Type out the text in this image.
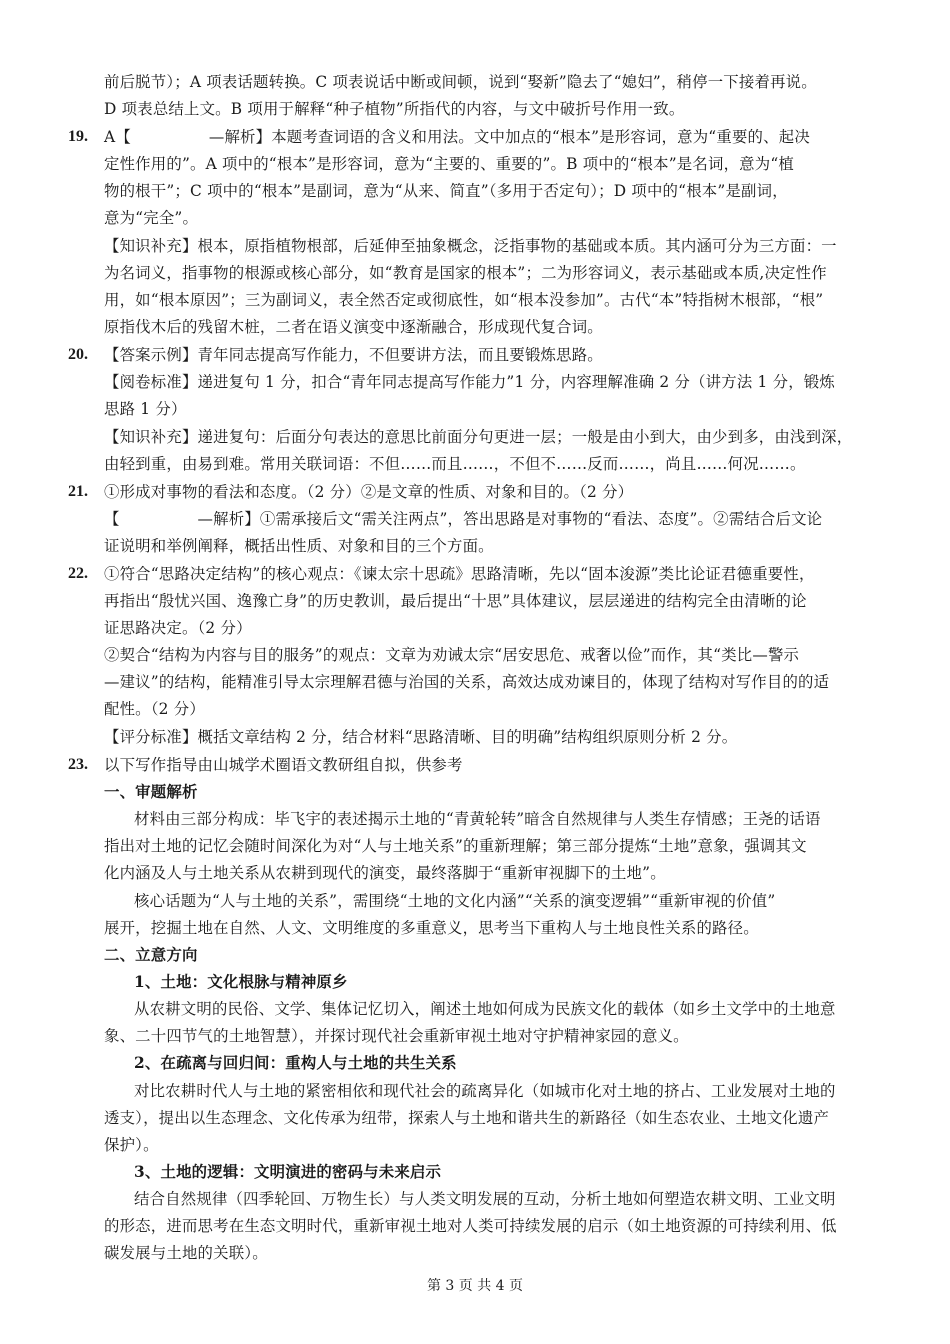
前后脱节）；A 项表话题转换。C 项表说话中断或间顿，说到“娶新”隐去了“媳妇”，稍停一下接着再说。
D 项表总结上文。B 项用于解释“种子植物”所指代的内容，与文中破折号作用一致。
19. A【　　　　　—解析】本题考查词语的含义和用法。文中加点的“根本”是形容词，意为“重要的、起决
定性作用的”。A 项中的“根本”是形容词，意为“主要的、重要的”。B 项中的“根本”是名词，意为“植
物的根干”；C 项中的“根本”是副词，意为“从来、简直”（多用于否定句）；D 项中的“根本”是副词，
意为“完全”。
【知识补充】根本，原指植物根部，后延伸至抽象概念，泛指事物的基础或本质。其内涵可分为三方面：一
为名词义，指事物的根源或核心部分，如“教育是国家的根本”；二为形容词义，表示基础或本质,决定性作
用，如“根本原因”；三为副词义，表全然否定或彻底性，如“根本没参加”。古代“本”特指树木根部，“根”
原指伐木后的残留木桩，二者在语义演变中逐渐融合，形成现代复合词。
20. 【答案示例】青年同志提高写作能力，不但要讲方法，而且要锻炼思路。
【阅卷标准】递进复句 1 分，扣合“青年同志提高写作能力”1 分，内容理解准确 2 分（讲方法 1 分，锻炼
思路 1 分）
【知识补充】递进复句：后面分句表达的意思比前面分句更进一层；一般是由小到大，由少到多，由浅到深，
由轻到重，由易到难。常用关联词语：不但……而且……，不但不……反而……，尚且……何况……。
21. ①形成对事物的看法和态度。（2 分）②是文章的性质、对象和目的。（2 分）
【　　　　　—解析】①需承接后文“需关注两点”，答出思路是对事物的“看法、态度”。②需结合后文论
证说明和举例阐释，概括出性质、对象和目的三个方面。
22. ①符合“思路决定结构”的核心观点：《谏太宗十思疏》思路清晰，先以“固本浚源”类比论证君德重要性，
再指出“殷忧兴国、逸豫亡身”的历史教训，最后提出“十思”具体建议，层层递进的结构完全由清晰的论
证思路决定。（2 分）
②契合“结构为内容与目的服务”的观点：文章为劝诫太宗“居安思危、戒奢以俭”而作，其“类比—警示
—建议”的结构，能精准引导太宗理解君德与治国的关系，高效达成劝谏目的，体现了结构对写作目的的适
配性。（2 分）
【评分标准】概括文章结构 2 分，结合材料“思路清晰、目的明确”结构组织原则分析 2 分。
23. 以下写作指导由山城学术圈语文教研组自拟，供参考
一、审题解析
材料由三部分构成：毕飞宇的表述揭示土地的“青黄轮转”暗含自然规律与人类生存情感；王尧的话语
指出对土地的记忆会随时间深化为对“人与土地关系”的重新理解；第三部分提炼“土地”意象，强调其文
化内涵及人与土地关系从农耕到现代的演变，最终落脚于“重新审视脚下的土地”。
核心话题为“人与土地的关系”，需围绕“土地的文化内涵”“关系的演变逻辑”“重新审视的价值”
展开，挖掘土地在自然、人文、文明维度的多重意义，思考当下重构人与土地良性关系的路径。
二、立意方向
1、土地：文化根脉与精神原乡
从农耕文明的民俗、文学、集体记忆切入，阐述土地如何成为民族文化的载体（如乡土文学中的土地意
象、二十四节气的土地智慧），并探讨现代社会重新审视土地对守护精神家园的意义。
2、在疏离与回归间：重构人与土地的共生关系
对比农耕时代人与土地的紧密相依和现代社会的疏离异化（如城市化对土地的挤占、工业发展对土地的
透支），提出以生态理念、文化传承为纽带，探索人与土地和谐共生的新路径（如生态农业、土地文化遗产
保护）。
3、土地的逻辑：文明演进的密码与未来启示
结合自然规律（四季轮回、万物生长）与人类文明发展的互动，分析土地如何塑造农耕文明、工业文明
的形态，进而思考在生态文明时代，重新审视土地对人类可持续发展的启示（如土地资源的可持续利用、低
碳发展与土地的关联）。
第 3 页 共 4 页
